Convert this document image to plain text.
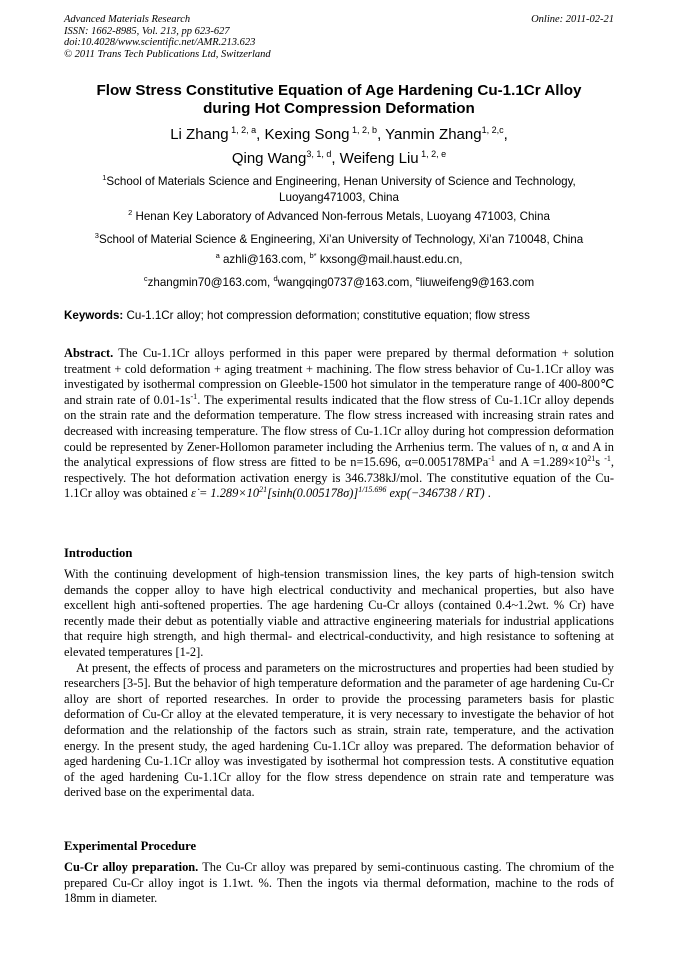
Advanced Materials Research
ISSN: 1662-8985, Vol. 213, pp 623-627
doi:10.4028/www.scientific.net/AMR.213.623
© 2011 Trans Tech Publications Ltd, Switzerland
Online: 2011-02-21
Flow Stress Constitutive Equation of Age Hardening Cu-1.1Cr Alloy
during Hot Compression Deformation
Li Zhang $^{1, 2, a}$, Kexing Song $^{1, 2, b}$, Yanmin Zhang$^{1, 2,c}$,
Qing Wang$^{3, 1, d}$, Weifeng Liu $^{1, 2, e}$
$^1$School of Materials Science and Engineering, Henan University of Science and Technology,
Luoyang471003, China
$^2$ Henan Key Laboratory of Advanced Non-ferrous Metals, Luoyang 471003, China
$^3$School of Material Science & Engineering, Xi’an University of Technology, Xi’an 710048, China
$^a$ azhli@163.com, $^{b*}$ kxsong@mail.haust.edu.cn,
$^c$zhangmin70@163.com, $^d$wangqing0737@163.com, $^e$liuweifeng9@163.com
Keywords: Cu-1.1Cr alloy; hot compression deformation; constitutive equation; flow stress
Abstract. The Cu-1.1Cr alloys performed in this paper were prepared by thermal deformation + solution treatment + cold deformation + aging treatment + machining. The flow stress behavior of Cu-1.1Cr alloy was investigated by isothermal compression on Gleeble-1500 hot simulator in the temperature range of 400-800℃ and strain rate of $0.01-1s^{-1}$. The experimental results indicated that the flow stress of Cu-1.1Cr alloy depends on the strain rate and the deformation temperature. The flow stress increased with increasing strain rates and decreased with increasing temperature. The flow stress of Cu-1.1Cr alloy during hot compression deformation could be represented by Zener-Hollomon parameter including the Arrhenius term. The values of n, α and A in the analytical expressions of flow stress are fitted to be n=15.696, α=0.005178MPa$^{-1}$ and $A =1.289\times 10^{21}s$ $^{-1}$, respectively. The hot deformation activation energy is 346.738kJ/mol. The constitutive equation of the Cu-1.1Cr alloy was obtained ε̇ = $1.289\times 10^{21}[\sinh(0.005178\sigma)]^{1/15.696}$ exp(−346738 / RT) .
Introduction
With the continuing development of high-tension transmission lines, the key parts of high-tension switch demands the copper alloy to have high electrical conductivity and mechanical properties, but also have excellent high anti-softened properties. The age hardening Cu-Cr alloys (contained 0.4~1.2wt. % Cr) have recently made their debut as potentially viable and attractive engineering materials for industrial applications that require high strength, and high thermal- and electrical-conductivity, and high resistance to softening at elevated temperatures [1-2].
At present, the effects of process and parameters on the microstructures and properties had been studied by researchers [3-5]. But the behavior of high temperature deformation and the parameter of age hardening Cu-Cr alloy are short of reported researches. In order to provide the processing parameters basis for plastic deformation of Cu-Cr alloy at the elevated temperature, it is very necessary to investigate the behavior of hot deformation and the relationship of the factors such as strain, strain rate, temperature, and the activation energy. In the present study, the aged hardening Cu-1.1Cr alloy was prepared. The deformation behavior of aged hardening Cu-1.1Cr alloy was investigated by isothermal hot compression tests. A constitutive equation of the aged hardening Cu-1.1Cr alloy for the flow stress dependence on strain rate and temperature was derived base on the experimental data.
Experimental Procedure
Cu-Cr alloy preparation. The Cu-Cr alloy was prepared by semi-continuous casting. The chromium of the prepared Cu-Cr alloy ingot is 1.1wt. %. Then the ingots via thermal deformation, machine to the rods of 18mm in diameter.
